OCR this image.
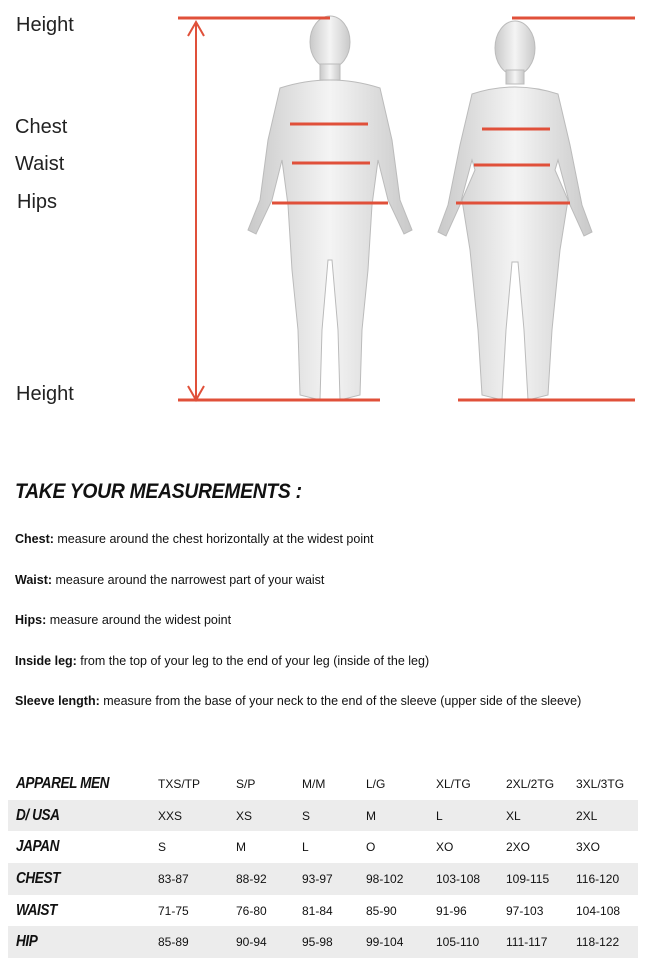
Height
Chest
Waist
Hips
Height
TAKE YOUR MEASUREMENTS :
Chest: measure around the chest horizontally at the widest point
Waist: measure around the narrowest part of your waist
Hips: measure around the widest point
Inside leg: from the top of your leg to the end of your leg (inside of the leg)
Sleeve length: measure from the base of your neck to the end of the sleeve (upper side of the sleeve)
APPAREL MEN	TXS/TP	S/P	M/M	L/G	XL/TG	2XL/2TG	3XL/3TG
D/ USA	XXS	XS	S	M	L	XL	2XL
JAPAN	S	M	L	O	XO	2XO	3XO
CHEST	83-87	88-92	93-97	98-102	103-108	109-115	116-120
WAIST	71-75	76-80	81-84	85-90	91-96	97-103	104-108
HIP	85-89	90-94	95-98	99-104	105-110	111-117	118-122
